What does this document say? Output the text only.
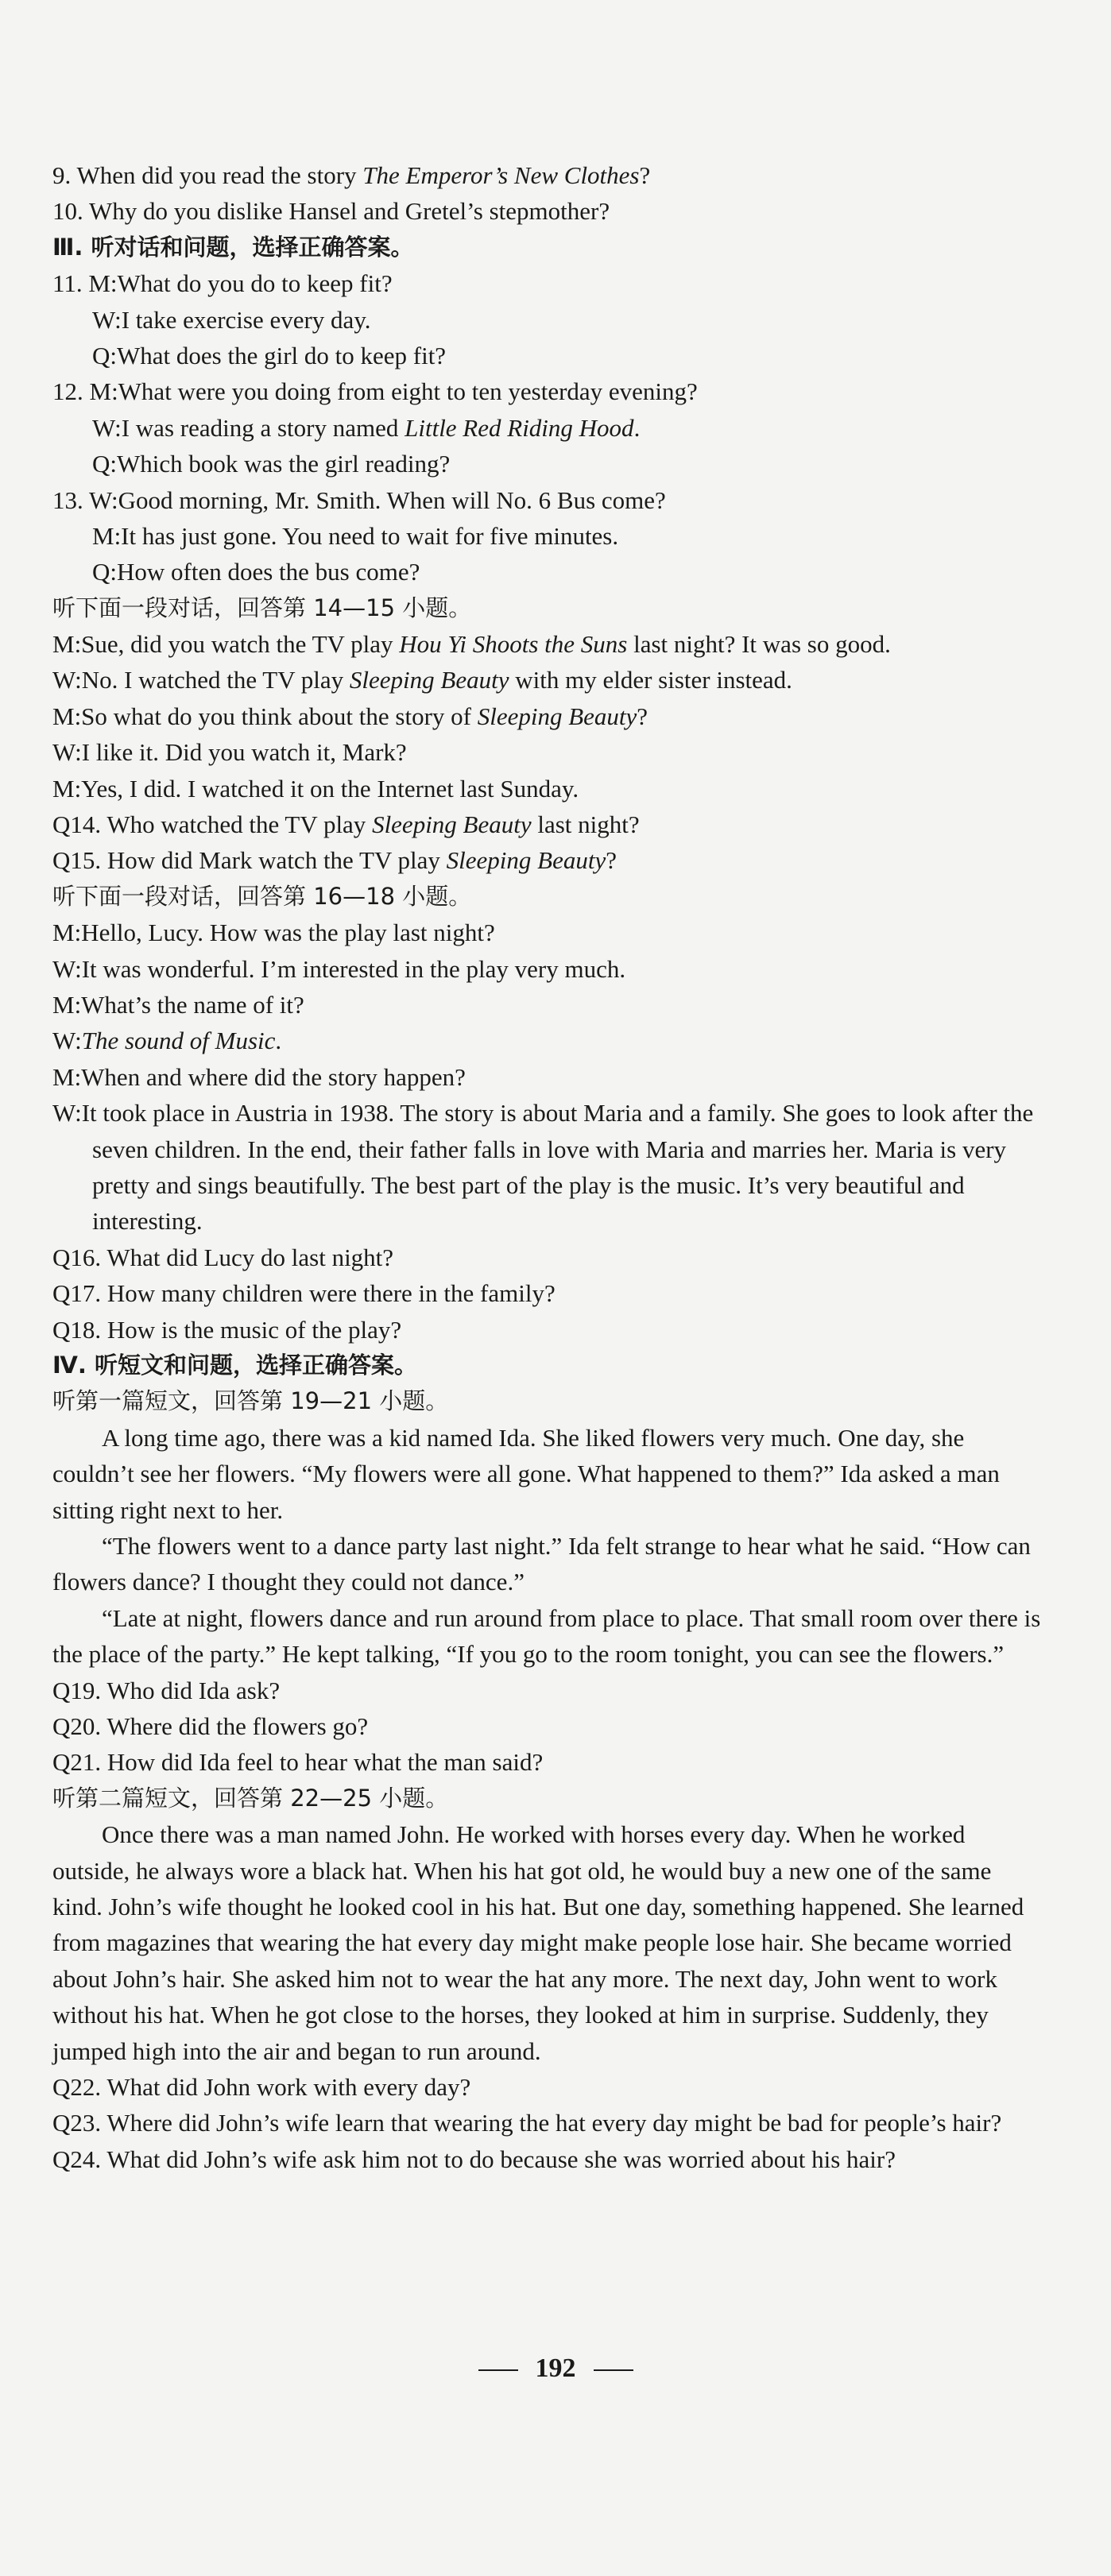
9. When did you read the story The Emperor’s New Clothes?
10. Why do you dislike Hansel and Gretel’s stepmother?
Ⅲ. 听对话和问题，选择正确答案。
11. M:What do you do to keep fit?
W:I take exercise every day.
Q:What does the girl do to keep fit?
12. M:What were you doing from eight to ten yesterday evening?
W:I was reading a story named Little Red Riding Hood.
Q:Which book was the girl reading?
13. W:Good morning, Mr. Smith. When will No. 6 Bus come?
M:It has just gone. You need to wait for five minutes.
Q:How often does the bus come?
听下面一段对话，回答第 14—15 小题。
M:Sue, did you watch the TV play Hou Yi Shoots the Suns last night? It was so good.
W:No. I watched the TV play Sleeping Beauty with my elder sister instead.
M:So what do you think about the story of Sleeping Beauty?
W:I like it. Did you watch it, Mark?
M:Yes, I did. I watched it on the Internet last Sunday.
Q14. Who watched the TV play Sleeping Beauty last night?
Q15. How did Mark watch the TV play Sleeping Beauty?
听下面一段对话，回答第 16—18 小题。
M:Hello, Lucy. How was the play last night?
W:It was wonderful. I’m interested in the play very much.
M:What’s the name of it?
W:The sound of Music.
M:When and where did the story happen?
W:It took place in Austria in 1938. The story is about Maria and a family. She goes to look after the seven children. In the end, their father falls in love with Maria and marries her. Maria is very pretty and sings beautifully. The best part of the play is the music. It’s very beautiful and interesting.
Q16. What did Lucy do last night?
Q17. How many children were there in the family?
Q18. How is the music of the play?
Ⅳ. 听短文和问题，选择正确答案。
听第一篇短文，回答第 19—21 小题。
A long time ago, there was a kid named Ida. She liked flowers very much. One day, she couldn’t see her flowers. “My flowers were all gone. What happened to them?” Ida asked a man sitting right next to her.
“The flowers went to a dance party last night.” Ida felt strange to hear what he said. “How can flowers dance? I thought they could not dance.”
“Late at night, flowers dance and run around from place to place. That small room over there is the place of the party.” He kept talking, “If you go to the room tonight, you can see the flowers.”
Q19. Who did Ida ask?
Q20. Where did the flowers go?
Q21. How did Ida feel to hear what the man said?
听第二篇短文，回答第 22—25 小题。
Once there was a man named John. He worked with horses every day. When he worked outside, he always wore a black hat. When his hat got old, he would buy a new one of the same kind. John’s wife thought he looked cool in his hat. But one day, something happened. She learned from magazines that wearing the hat every day might make people lose hair. She became worried about John’s hair. She asked him not to wear the hat any more. The next day, John went to work without his hat. When he got close to the horses, they looked at him in surprise. Suddenly, they jumped high into the air and began to run around.
Q22. What did John work with every day?
Q23. Where did John’s wife learn that wearing the hat every day might be bad for people’s hair?
Q24. What did John’s wife ask him not to do because she was worried about his hair?
192
